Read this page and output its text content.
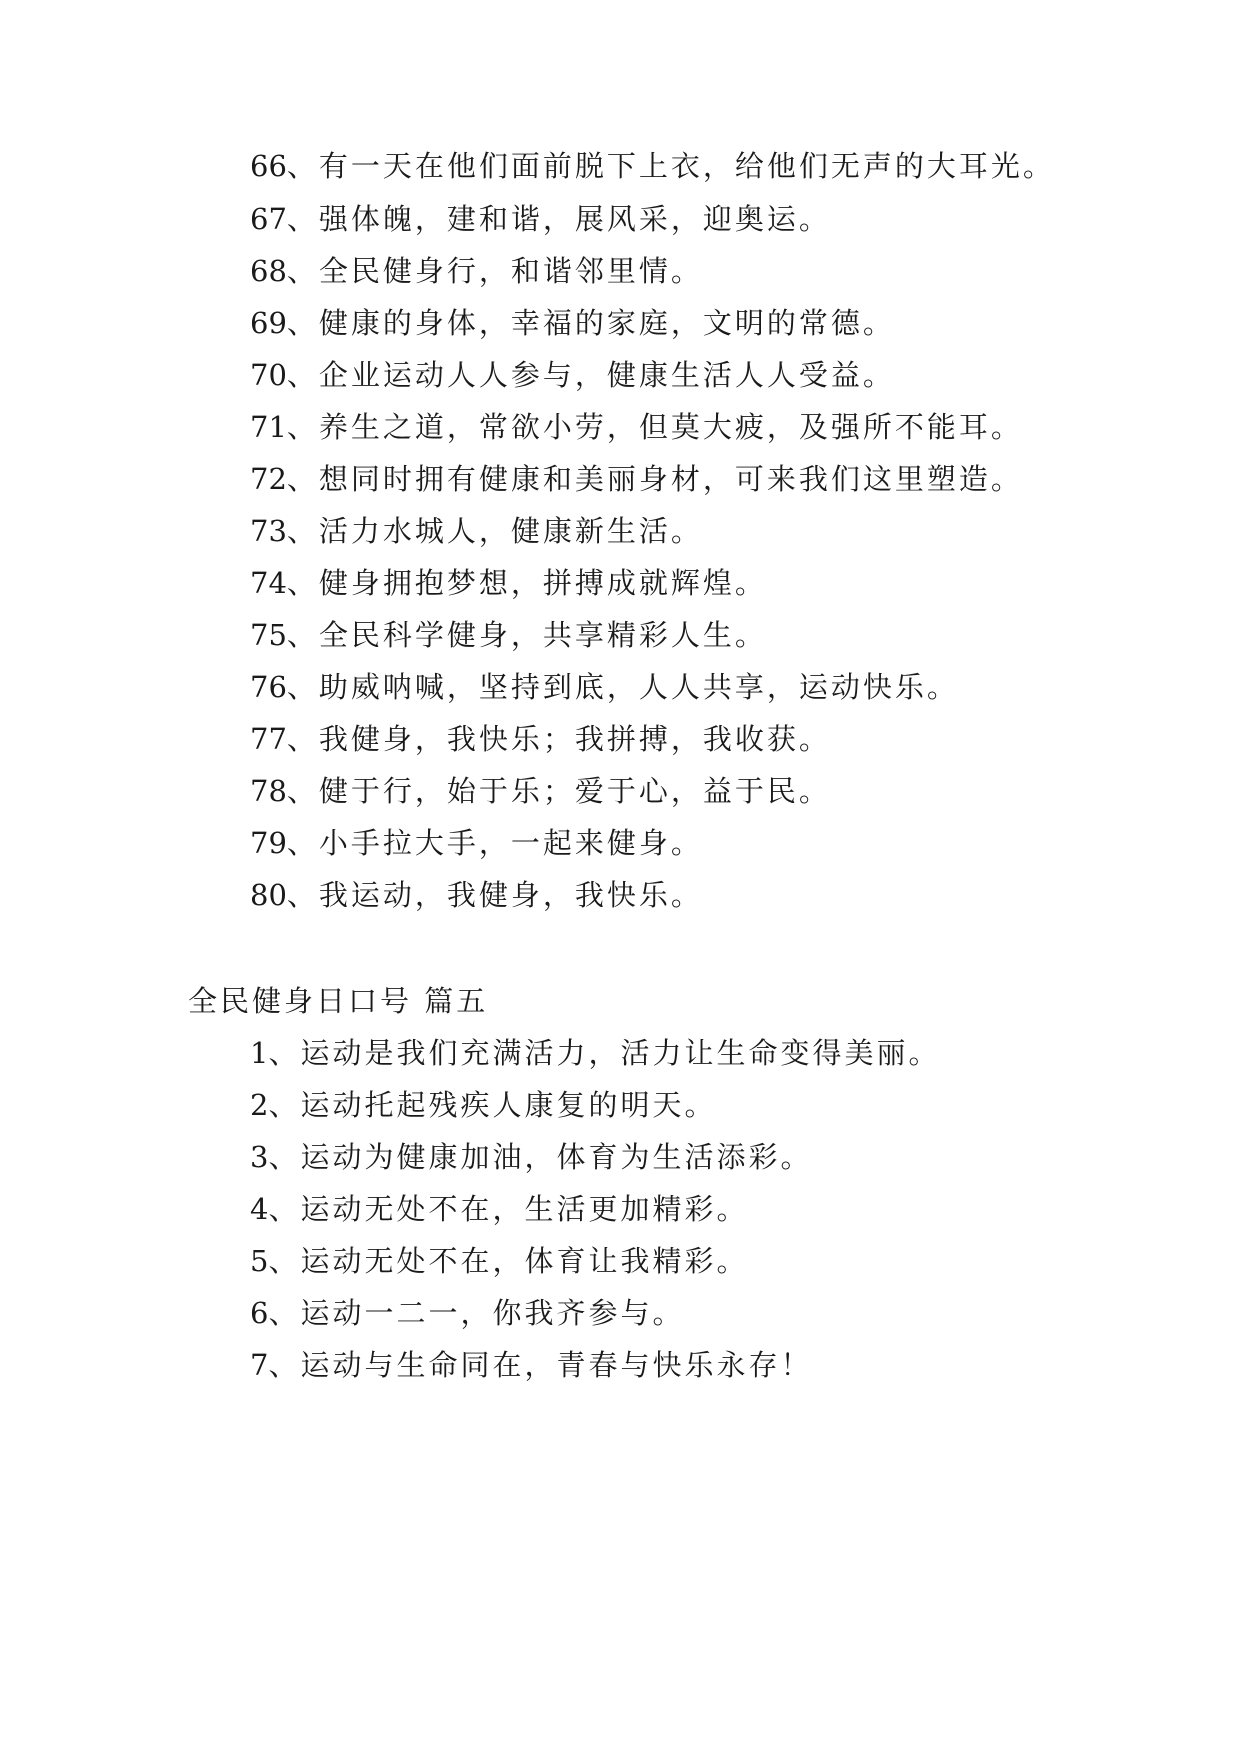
66、有一天在他们面前脱下上衣，给他们无声的大耳光。
67、强体魄，建和谐，展风采，迎奥运。
68、全民健身行，和谐邻里情。
69、健康的身体，幸福的家庭，文明的常德。
70、企业运动人人参与，健康生活人人受益。
71、养生之道，常欲小劳，但莫大疲，及强所不能耳。
72、想同时拥有健康和美丽身材，可来我们这里塑造。
73、活力水城人，健康新生活。
74、健身拥抱梦想，拼搏成就辉煌。
75、全民科学健身，共享精彩人生。
76、助威呐喊，坚持到底，人人共享，运动快乐。
77、我健身，我快乐；我拼搏，我收获。
78、健于行，始于乐；爱于心，益于民。
79、小手拉大手，一起来健身。
80、我运动，我健身，我快乐。
全民健身日口号 篇五
1、运动是我们充满活力，活力让生命变得美丽。
2、运动托起残疾人康复的明天。
3、运动为健康加油，体育为生活添彩。
4、运动无处不在，生活更加精彩。
5、运动无处不在，体育让我精彩。
6、运动一二一，你我齐参与。
7、运动与生命同在，青春与快乐永存！
